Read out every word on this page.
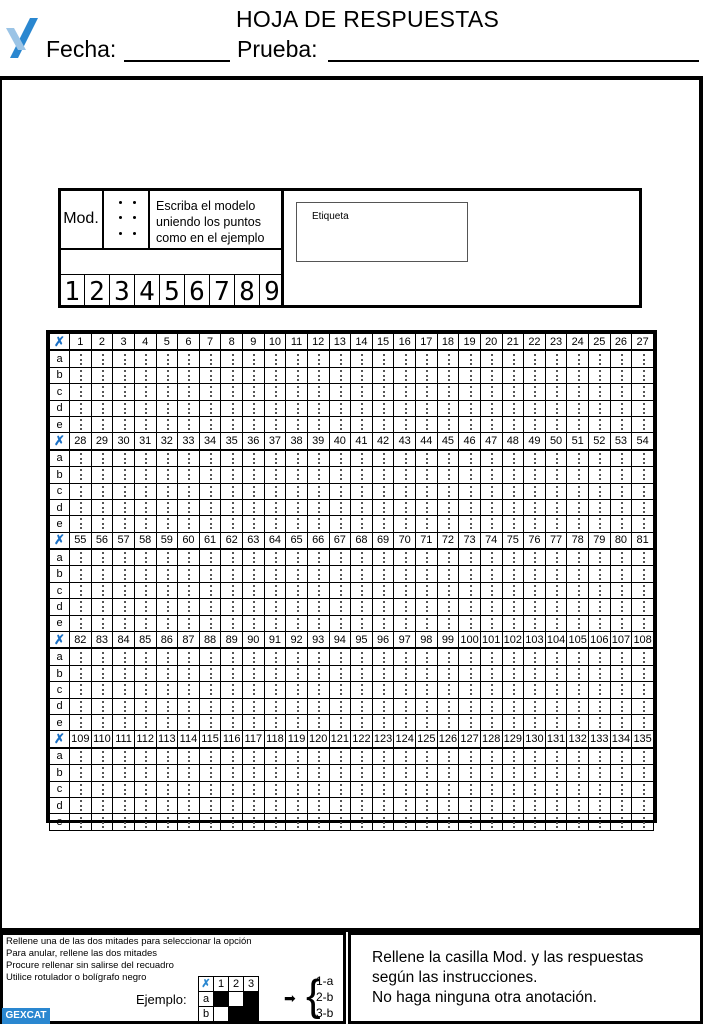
HOJA DE RESPUESTAS
Fecha:	Prueba:
Mod.
Escriba el modelo uniendo los puntos como en el ejemplo
1 2 3 4 5 6 7 8 9
Etiqueta
✗	1	2	3	4	5	6	7	8	9	10	11	12	13	14	15	16	17	18	19	20	21	22	23	24	25	26	27
a	

b	

c	

d	

e	

✗	28	29	30	31	32	33	34	35	36	37	38	39	40	41	42	43	44	45	46	47	48	49	50	51	52	53	54
a	

b	

c	

d	

e	

✗	55	56	57	58	59	60	61	62	63	64	65	66	67	68	69	70	71	72	73	74	75	76	77	78	79	80	81
a	

b	

c	

d	

e	

✗	82	83	84	85	86	87	88	89	90	91	92	93	94	95	96	97	98	99	100	101	102	103	104	105	106	107	108
a	

b	

c	

d	

e	

✗	109	110	111	112	113	114	115	116	117	118	119	120	121	122	123	124	125	126	127	128	129	130	131	132	133	134	135
a	

b	

c	

d	

e	

Rellene una de las dos mitades para seleccionar la opción
Para anular, rellene las dos mitades
Procure rellenar sin salirse del recuadro
Utilice rotulador o bolígrafo negro
GEXCAT
Ejemplo:
✗	1	2	3
a			
b			
➡ {
1-a
2-b
3-b
Rellene la casilla Mod. y las respuestas
según las instrucciones.
No haga ninguna otra anotación.
